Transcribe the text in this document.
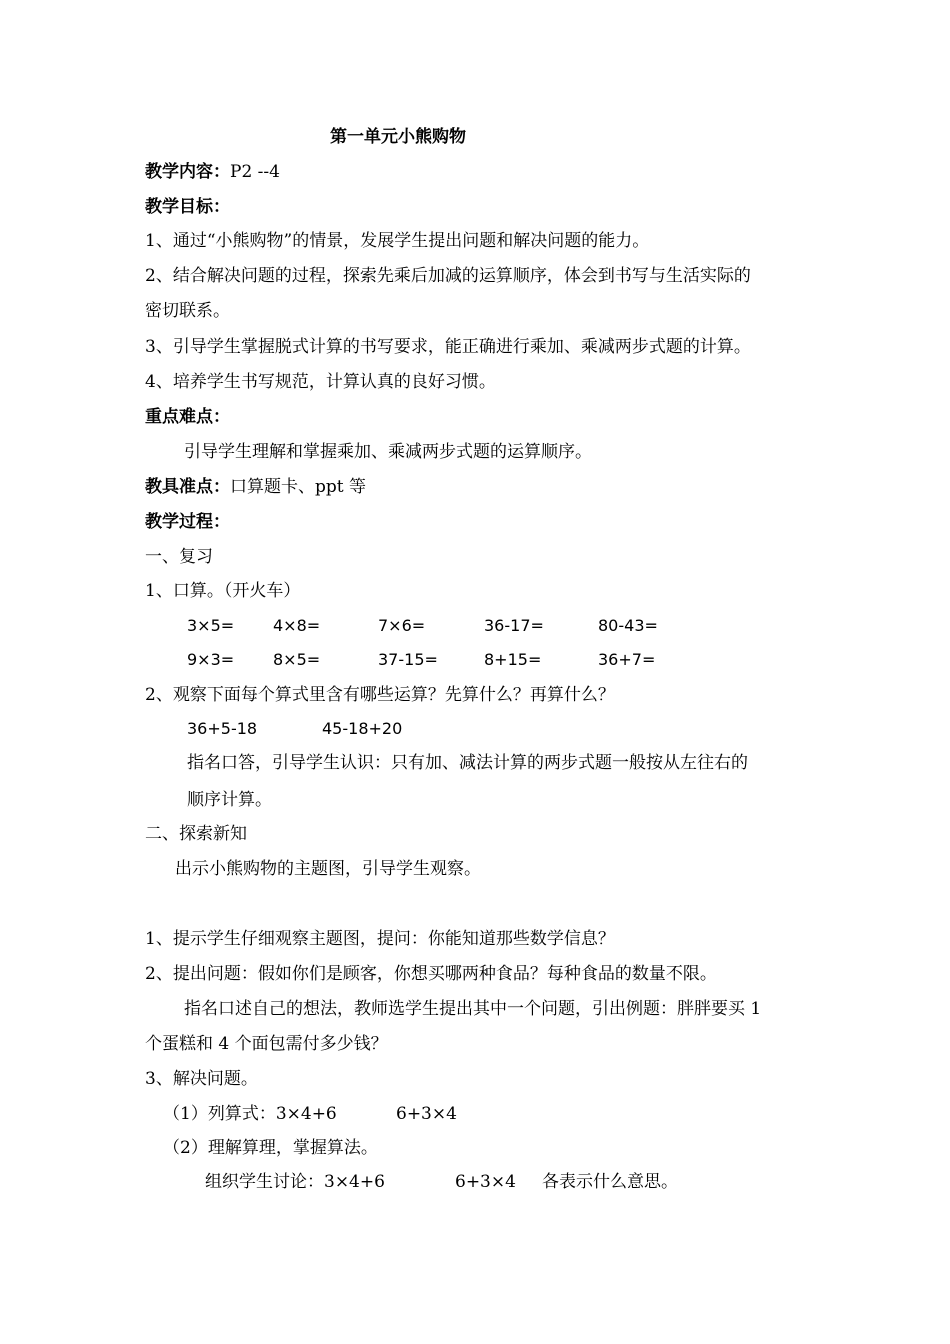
第一单元小熊购物
教学内容：P2 --4
教学目标：
1、通过“小熊购物”的情景，发展学生提出问题和解决问题的能力。
2、结合解决问题的过程，探索先乘后加减的运算顺序，体会到书写与生活实际的
密切联系。
3、引导学生掌握脱式计算的书写要求，能正确进行乘加、乘减两步式题的计算。
4、培养学生书写规范，计算认真的良好习惯。
重点难点：
引导学生理解和掌握乘加、乘减两步式题的运算顺序。
教具准点：口算题卡、ppt 等
教学过程：
一、复习
1、口算。（开火车）
3×5= 4×8=	7×6=	36-17=	80-43=
9×3= 8×5=	37-15=	8+15=	36+7=
2、观察下面每个算式里含有哪些运算？先算什么？再算什么？
36+5-18	45-18+20
指名口答，引导学生认识：只有加、减法计算的两步式题一般按从左往右的
顺序计算。
二、探索新知
出示小熊购物的主题图，引导学生观察。
1、提示学生仔细观察主题图，提问：你能知道那些数学信息？
2、提出问题：假如你们是顾客，你想买哪两种食品？每种食品的数量不限。
指名口述自己的想法，教师选学生提出其中一个问题，引出例题：胖胖要买 1
个蛋糕和 4 个面包需付多少钱？
3、解决问题。
（1）列算式：3×4+6	6+3×4
（2）理解算理，掌握算法。
组织学生讨论：3×4+6	6+3×4 各表示什么意思。
